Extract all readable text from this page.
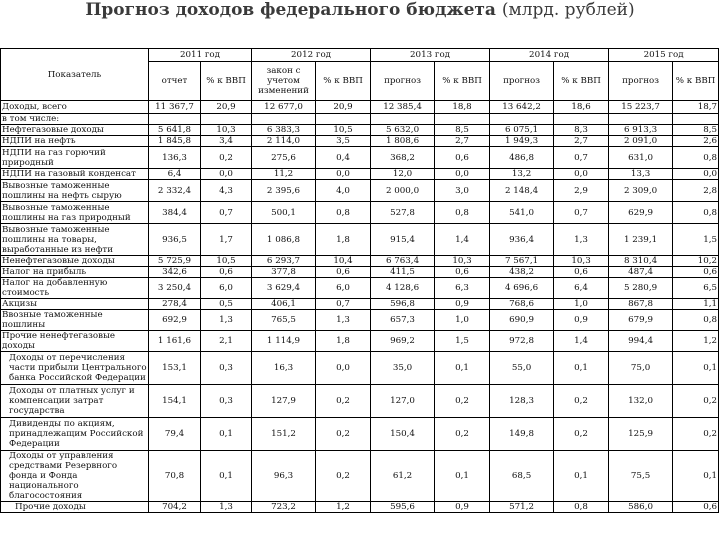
Прогноз доходов федерального бюджета (млрд. рублей)
Показатель	2011 год		2012 год		2013 год		2014 год		2015 год	
	отчет	% к ВВП	закон с учетом изменений	% к ВВП	прогноз	% к ВВП	прогноз	% к ВВП	прогноз	% к ВВП
Доходы, всего	11 367,7	20,9	12 677,0	20,9	12 385,4	18,8	13 642,2	18,6	15 223,7	18,7
в том числе:										
Нефтегазовые доходы	5 641,8	10,3	6 383,3	10,5	5 632,0	8,5	6 075,1	8,3	6 913,3	8,5
НДПИ на нефть	1 845,8	3,4	2 114,0	3,5	1 808,6	2,7	1 949,3	2,7	2 091,0	2,6
НДПИ на газ горючий природный	136,3	0,2	275,6	0,4	368,2	0,6	486,8	0,7	631,0	0,8
НДПИ на газовый конденсат	6,4	0,0	11,2	0,0	12,0	0,0	13,2	0,0	13,3	0,0
Вывозные таможенные пошлины на нефть сырую	2 332,4	4,3	2 395,6	4,0	2 000,0	3,0	2 148,4	2,9	2 309,0	2,8
Вывозные таможенные пошлины на газ природный	384,4	0,7	500,1	0,8	527,8	0,8	541,0	0,7	629,9	0,8
Вывозные таможенные пошлины на товары, выработанные из нефти	936,5	1,7	1 086,8	1,8	915,4	1,4	936,4	1,3	1 239,1	1,5
Ненефтегазовые доходы	5 725,9	10,5	6 293,7	10,4	6 763,4	10,3	7 567,1	10,3	8 310,4	10,2
Налог на прибыль	342,6	0,6	377,8	0,6	411,5	0,6	438,2	0,6	487,4	0,6
Налог на добавленную стоимость	3 250,4	6,0	3 629,4	6,0	4 128,6	6,3	4 696,6	6,4	5 280,9	6,5
Акцизы	278,4	0,5	406,1	0,7	596,8	0,9	768,6	1,0	867,8	1,1
Ввозные таможенные пошлины	692,9	1,3	765,5	1,3	657,3	1,0	690,9	0,9	679,9	0,8
Прочие ненефтегазовые доходы	1 161,6	2,1	1 114,9	1,8	969,2	1,5	972,8	1,4	994,4	1,2
Доходы от перечисления части прибыли Центрального банка Российской Федерации	153,1	0,3	16,3	0,0	35,0	0,1	55,0	0,1	75,0	0,1
Доходы от платных услуг и компенсации затрат государства	154,1	0,3	127,9	0,2	127,0	0,2	128,3	0,2	132,0	0,2
Дивиденды по акциям, принадлежащим Российской Федерации	79,4	0,1	151,2	0,2	150,4	0,2	149,8	0,2	125,9	0,2
Доходы от управления средствами Резервного фонда и Фонда национального благосостояния	70,8	0,1	96,3	0,2	61,2	0,1	68,5	0,1	75,5	0,1
Прочие доходы	704,2	1,3	723,2	1,2	595,6	0,9	571,2	0,8	586,0	0,6
